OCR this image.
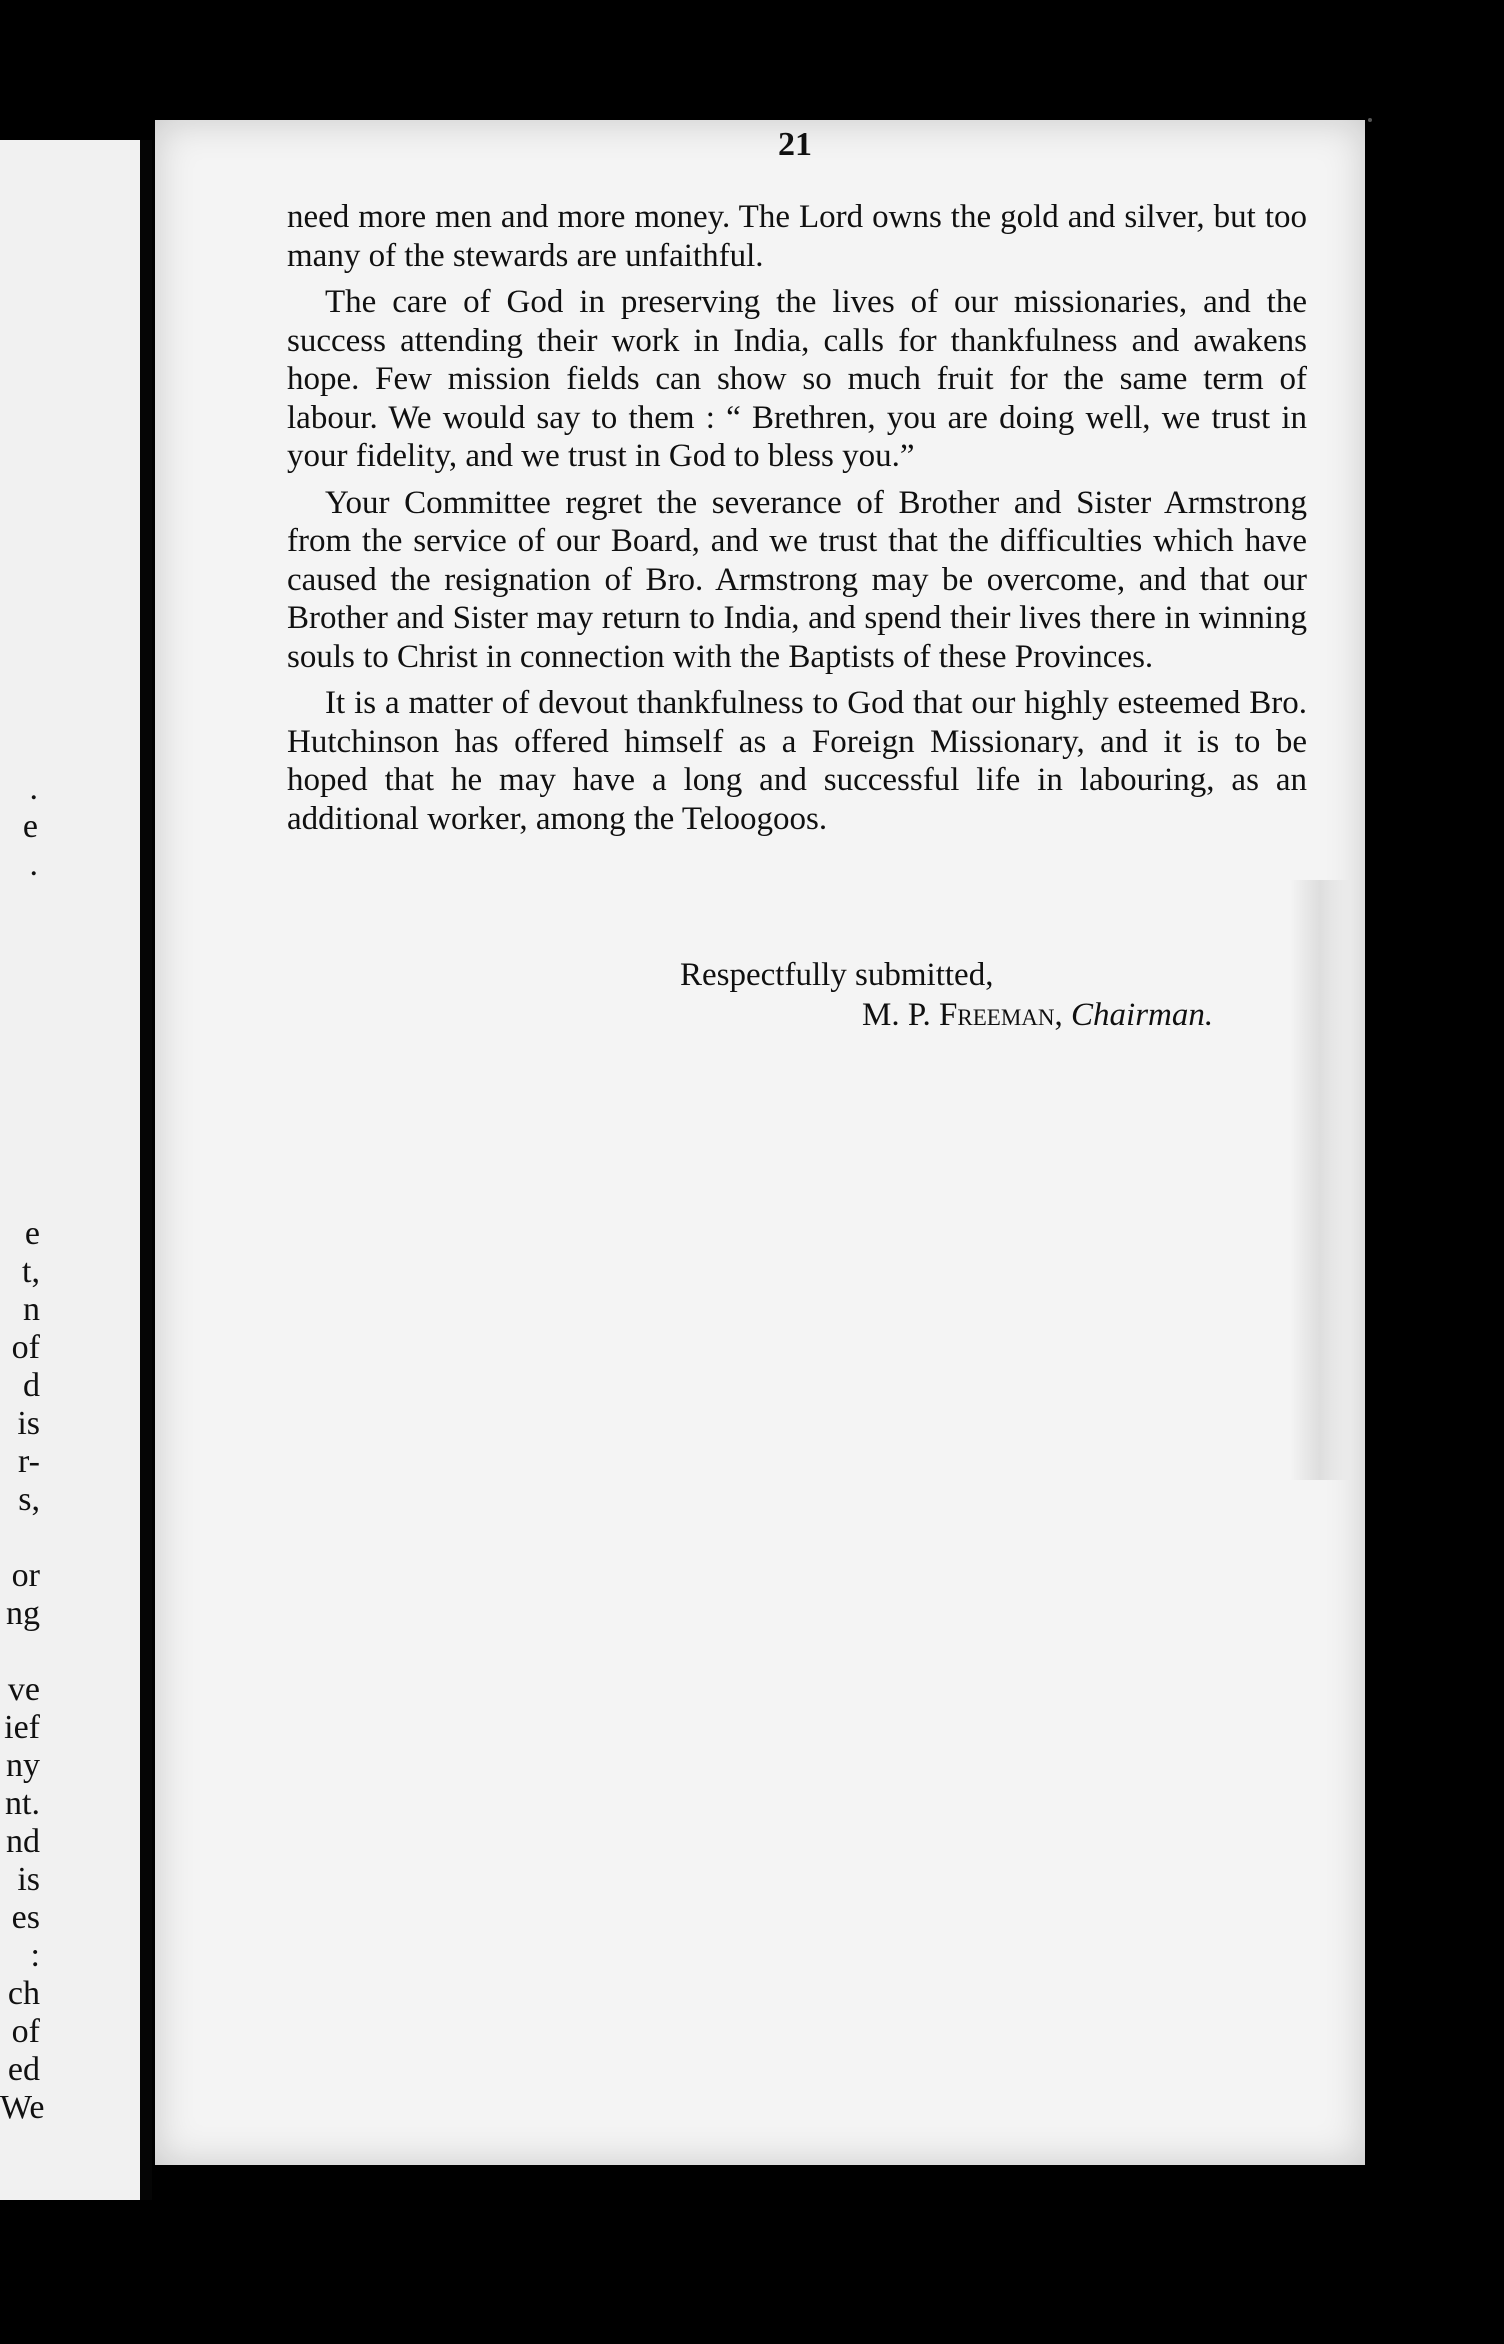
.
e
.
e
t,
n
of
d
is
r-
s,

or
ng

ve
ief
ny
nt.
nd
is
es :
ch
of
ed
We
21

need more men and more money. The Lord owns the gold and silver, but too many of the stewards are unfaithful.

The care of God in preserving the lives of our missionaries, and the success attending their work in India, calls for thankfulness and awakens hope. Few mission fields can show so much fruit for the same term of labour. We would say to them : “ Brethren, you are doing well, we trust in your fidelity, and we trust in God to bless you.”

Your Committee regret the severance of Brother and Sister Armstrong from the service of our Board, and we trust that the difficulties which have caused the resignation of Bro. Armstrong may be overcome, and that our Brother and Sister may return to India, and spend their lives there in winning souls to Christ in connection with the Baptists of these Provinces.

It is a matter of devout thankfulness to God that our highly esteemed Bro. Hutchinson has offered himself as a Foreign Missionary, and it is to be hoped that he may have a long and successful life in labouring, as an additional worker, among the Teloogoos.

Respectfully submitted,
M. P. Freeman, Chairman.
